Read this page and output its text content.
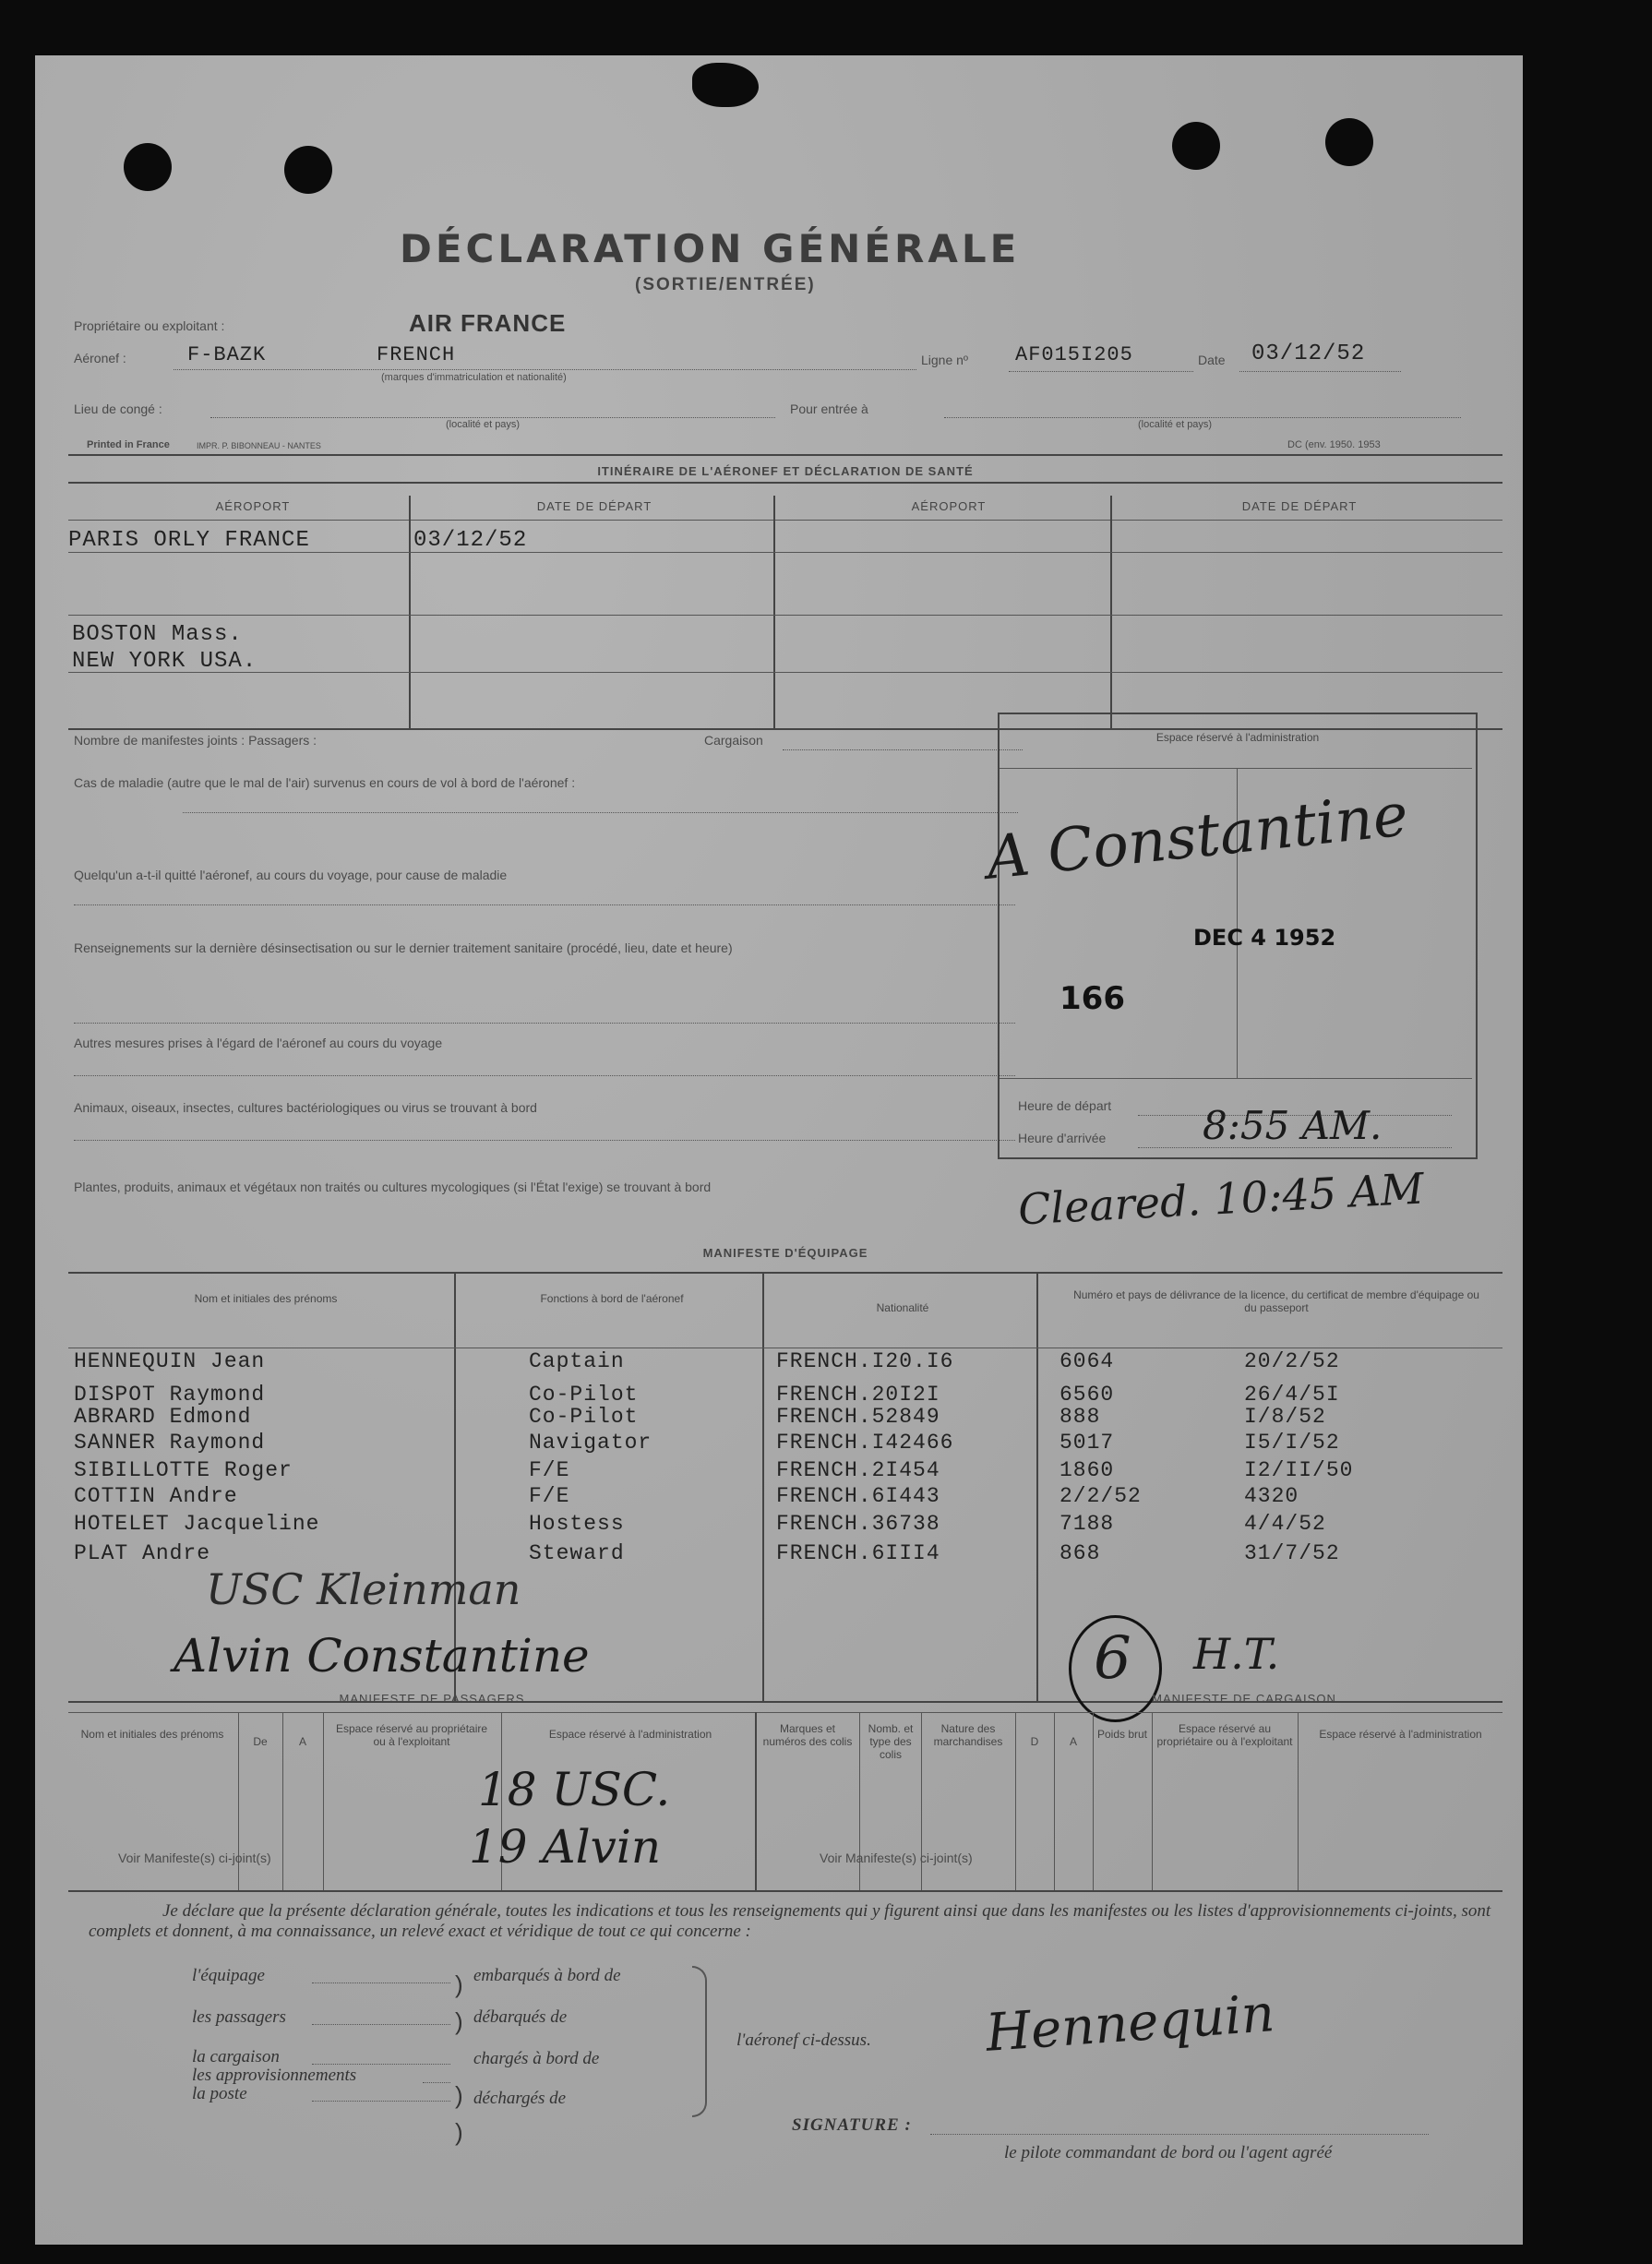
DÉCLARATION GÉNÉRALE
(SORTIE/ENTRÉE)
Propriétaire ou exploitant :	AIR FRANCE
Aéronef :	F-BAZK	FRENCH
(marques d'immatriculation et nationalité)
Ligne nº AF015I205	Date 03/12/52
Lieu de congé :
(localité et pays)
Pour entrée à
(localité et pays)
Printed in France	IMPR. P. BIBONNEAU - NANTES	DC (env. 1950. 1953
ITINÉRAIRE DE L'AÉRONEF ET DÉCLARATION DE SANTÉ
AÉROPORT	DATE DE DÉPART	AÉROPORT	DATE DE DÉPART
PARIS ORLY FRANCE	03/12/52
BOSTON Mass.
NEW YORK USA.
Nombre de manifestes joints : Passagers :	Cargaison
Cas de maladie (autre que le mal de l'air) survenus en cours de vol à bord de l'aéronef :
Quelqu'un a-t-il quitté l'aéronef, au cours du voyage, pour cause de maladie
Renseignements sur la dernière désinsectisation ou sur le dernier traitement sanitaire (procédé, lieu, date et heure)
Autres mesures prises à l'égard de l'aéronef au cours du voyage
Animaux, oiseaux, insectes, cultures bactériologiques ou virus se trouvant à bord
Plantes, produits, animaux et végétaux non traités ou cultures mycologiques (si l'État l'exige) se trouvant à bord
Espace réservé à l'administration
A Constantine
DEC 4 1952
166
Heure de départ
Heure d'arrivée 8:55 AM.
Cleared. 10:45 AM
MANIFESTE D'ÉQUIPAGE
Nom et initiales des prénoms	Fonctions à bord de l'aéronef
Nationalité
Numéro et pays de délivrance de la licence, du certificat de membre d'équipage ou du passeport
HENNEQUIN Jean	Captain	FRENCH.I20.I6	6064	20/2/52
DISPOT Raymond	Co-Pilot	FRENCH.20I2I	6560	26/4/5I
ABRARD Edmond	Co-Pilot	FRENCH.52849	888	I/8/52
SANNER Raymond	Navigator	FRENCH.I42466	5017	I5/I/52
SIBILLOTTE Roger	F/E	FRENCH.2I454	1860	I2/II/50
COTTIN Andre	F/E	FRENCH.6I443	2/2/52	4320
HOTELET Jacqueline	Hostess	FRENCH.36738	7188	4/4/52
PLAT Andre	Steward	FRENCH.6III4	868	31/7/52
USC Kleinman
Alvin Constantine	6 H.T.
MANIFESTE DE PASSAGERS	MANIFESTE DE CARGAISON
Nom et initiales des prénoms
De	A
Espace réservé au propriétaire ou à l'exploitant
Espace réservé à l'administration
Voir Manifeste(s) ci-joint(s)
18 USC.
19 Alvin
Marques et numéros des colis
Nomb. et type des colis
Nature des marchandises	D	A
Poids brut	Espace réservé au propriétaire ou à l'exploitant
Espace réservé à l'administration
Voir Manifeste(s) ci-joint(s)
Je déclare que la présente déclaration générale, toutes les indications et tous les renseignements qui y figurent ainsi que dans les manifestes ou les listes d'approvisionnements ci-joints, sont complets et donnent, à ma connaissance, un relevé exact et véridique de tout ce qui concerne :
l'équipage
les passagers
la cargaison
les approvisionnements
la poste
)
)

)
)
embarqués à bord de
débarqués de
chargés à bord de
déchargés de
l'aéronef ci-dessus.
SIGNATURE :
Hennequin
le pilote commandant de bord ou l'agent agréé
